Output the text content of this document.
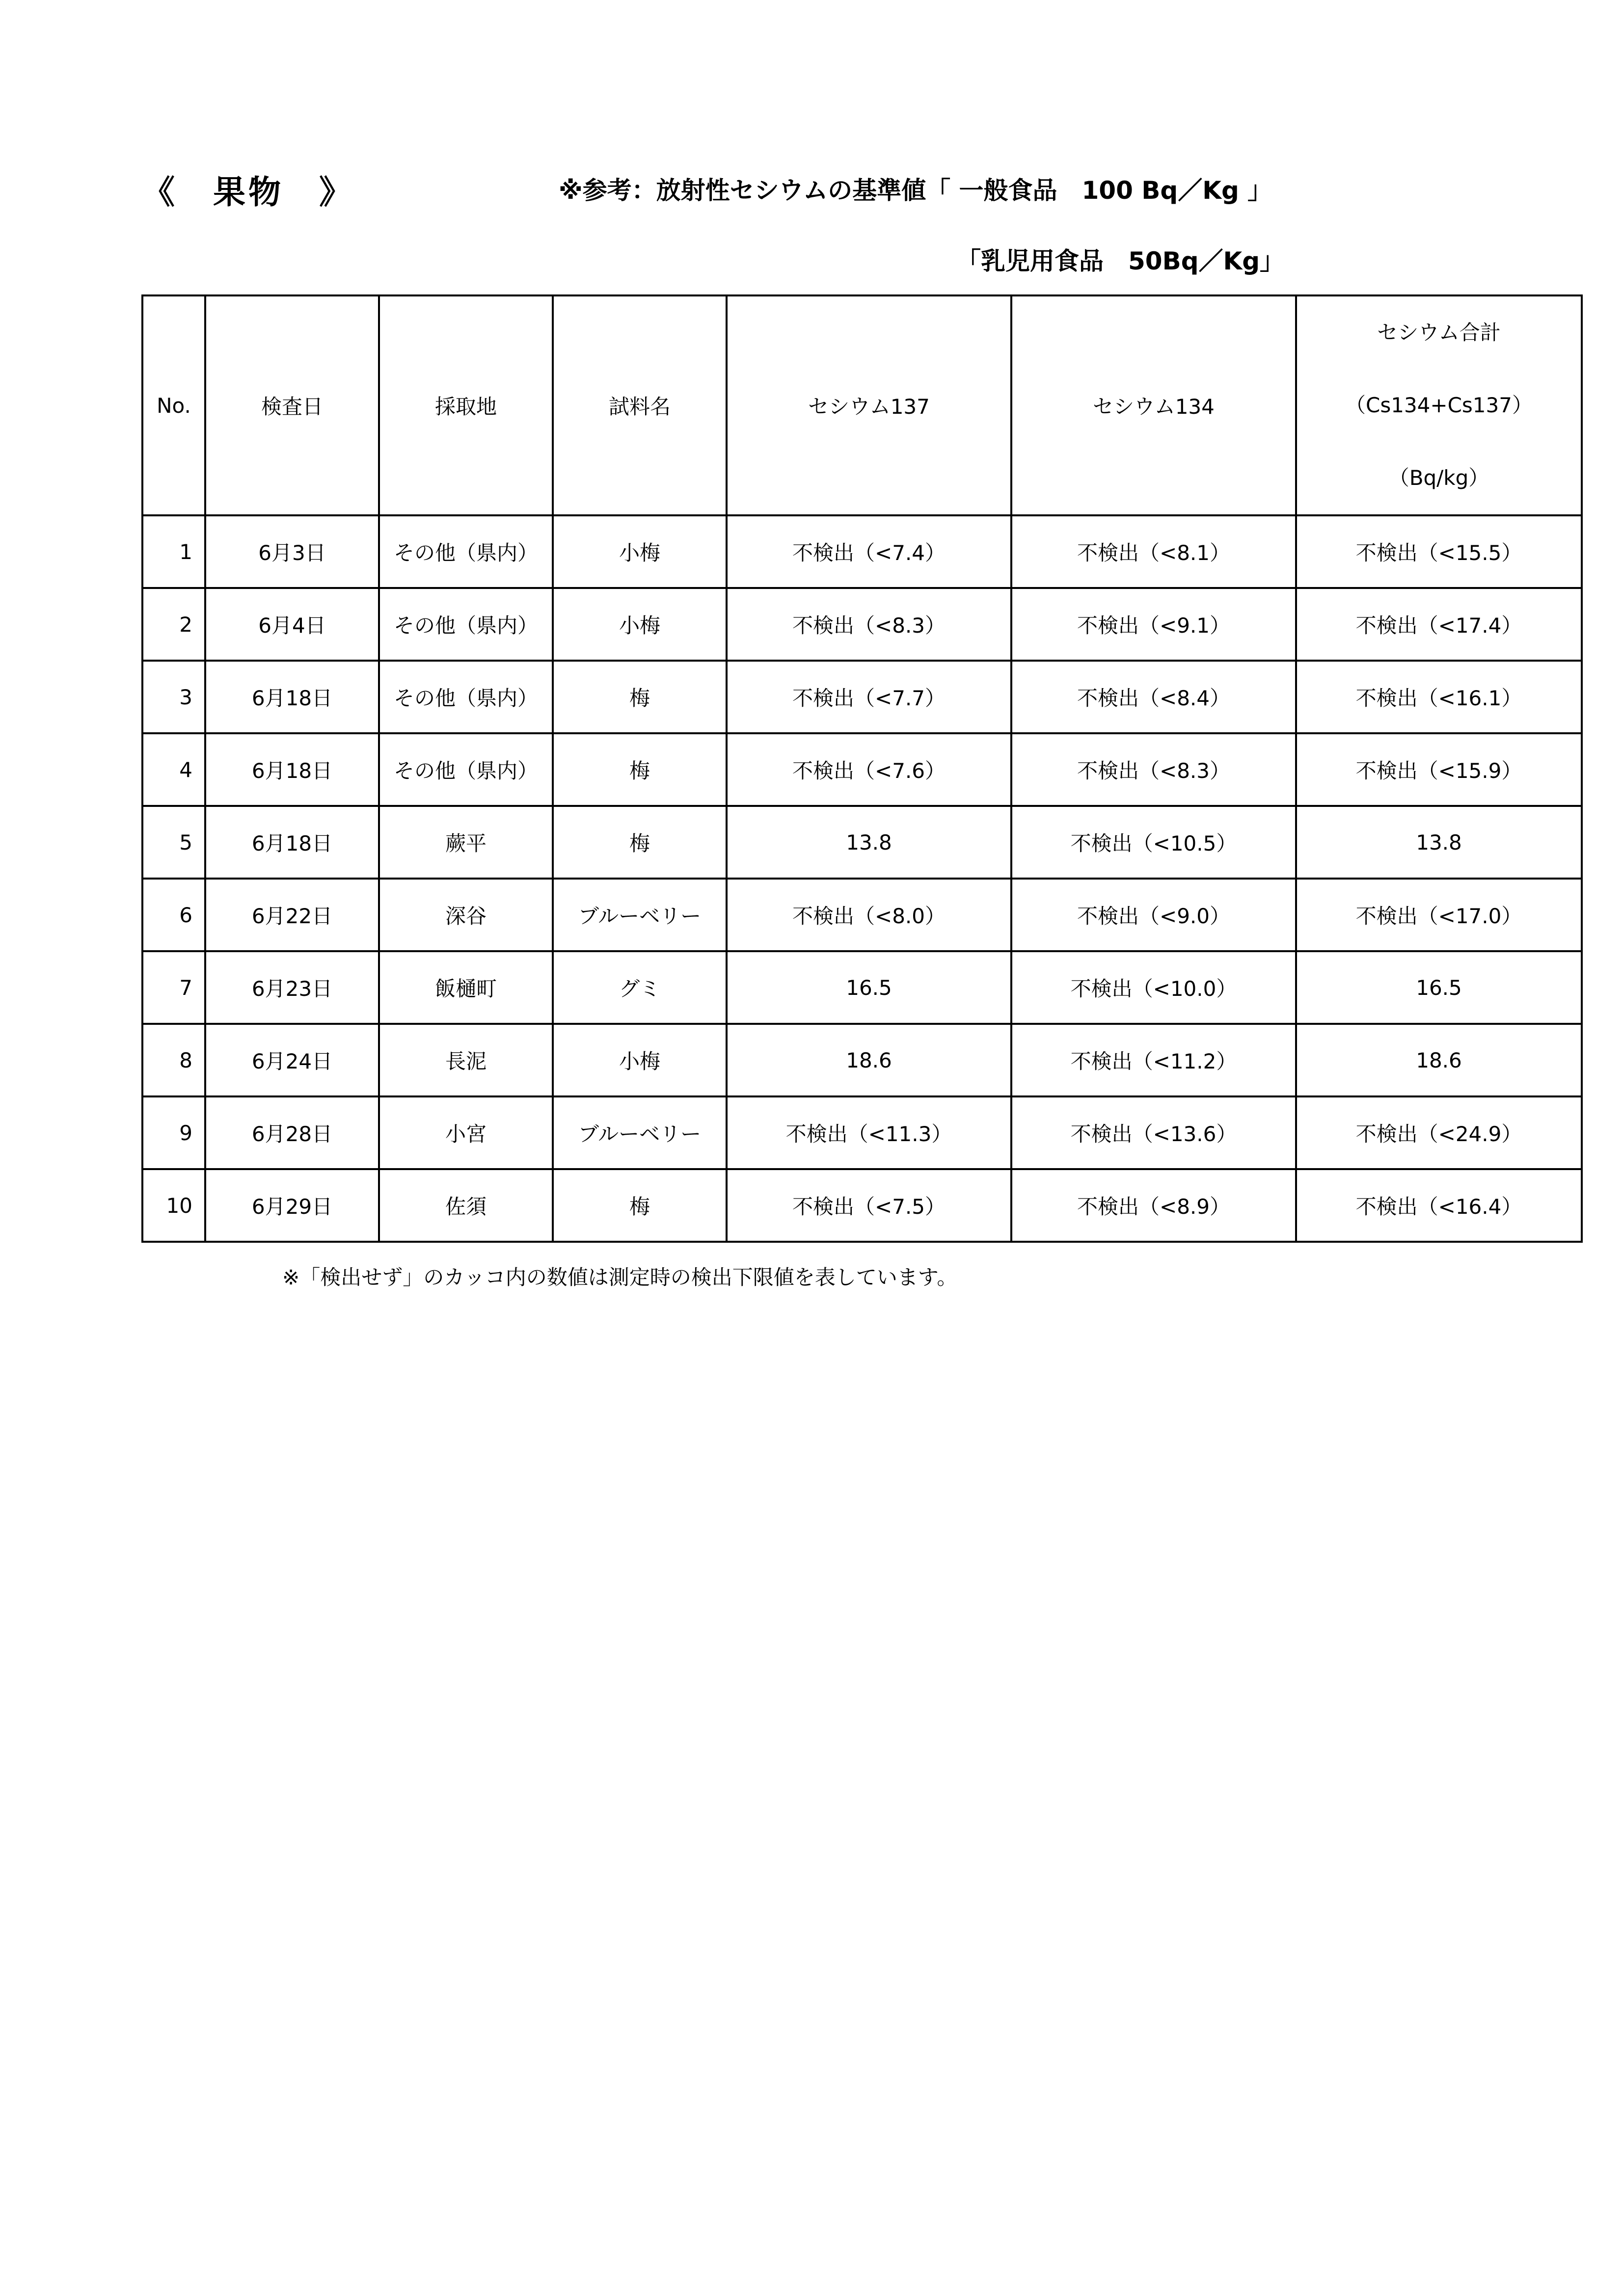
《　果物　》	※参考：放射性セシウムの基準値「 一般食品　100 Bq／Kg 」
「乳児用食品　50Bq／Kg」
No.	検査日	採取地	試料名	セシウム137	セシウム134	セシウム合計
（Cs134+Cs137）
（Bq/kg）

1	6月3日	その他（県内）	小梅	不検出（<7.4）	不検出（<8.1）	不検出（<15.5）
2	6月4日	その他（県内）	小梅	不検出（<8.3）	不検出（<9.1）	不検出（<17.4）
3	6月18日	その他（県内）	梅	不検出（<7.7）	不検出（<8.4）	不検出（<16.1）
4	6月18日	その他（県内）	梅	不検出（<7.6）	不検出（<8.3）	不検出（<15.9）
5	6月18日	蕨平	梅	13.8	不検出（<10.5）	13.8
6	6月22日	深谷	ブルーベリー	不検出（<8.0）	不検出（<9.0）	不検出（<17.0）
7	6月23日	飯樋町	グミ	16.5	不検出（<10.0）	16.5
8	6月24日	長泥	小梅	18.6	不検出（<11.2）	18.6
9	6月28日	小宮	ブルーベリー	不検出（<11.3）	不検出（<13.6）	不検出（<24.9）
10	6月29日	佐須	梅	不検出（<7.5）	不検出（<8.9）	不検出（<16.4）
※「検出せず」のカッコ内の数値は測定時の検出下限値を表しています。
